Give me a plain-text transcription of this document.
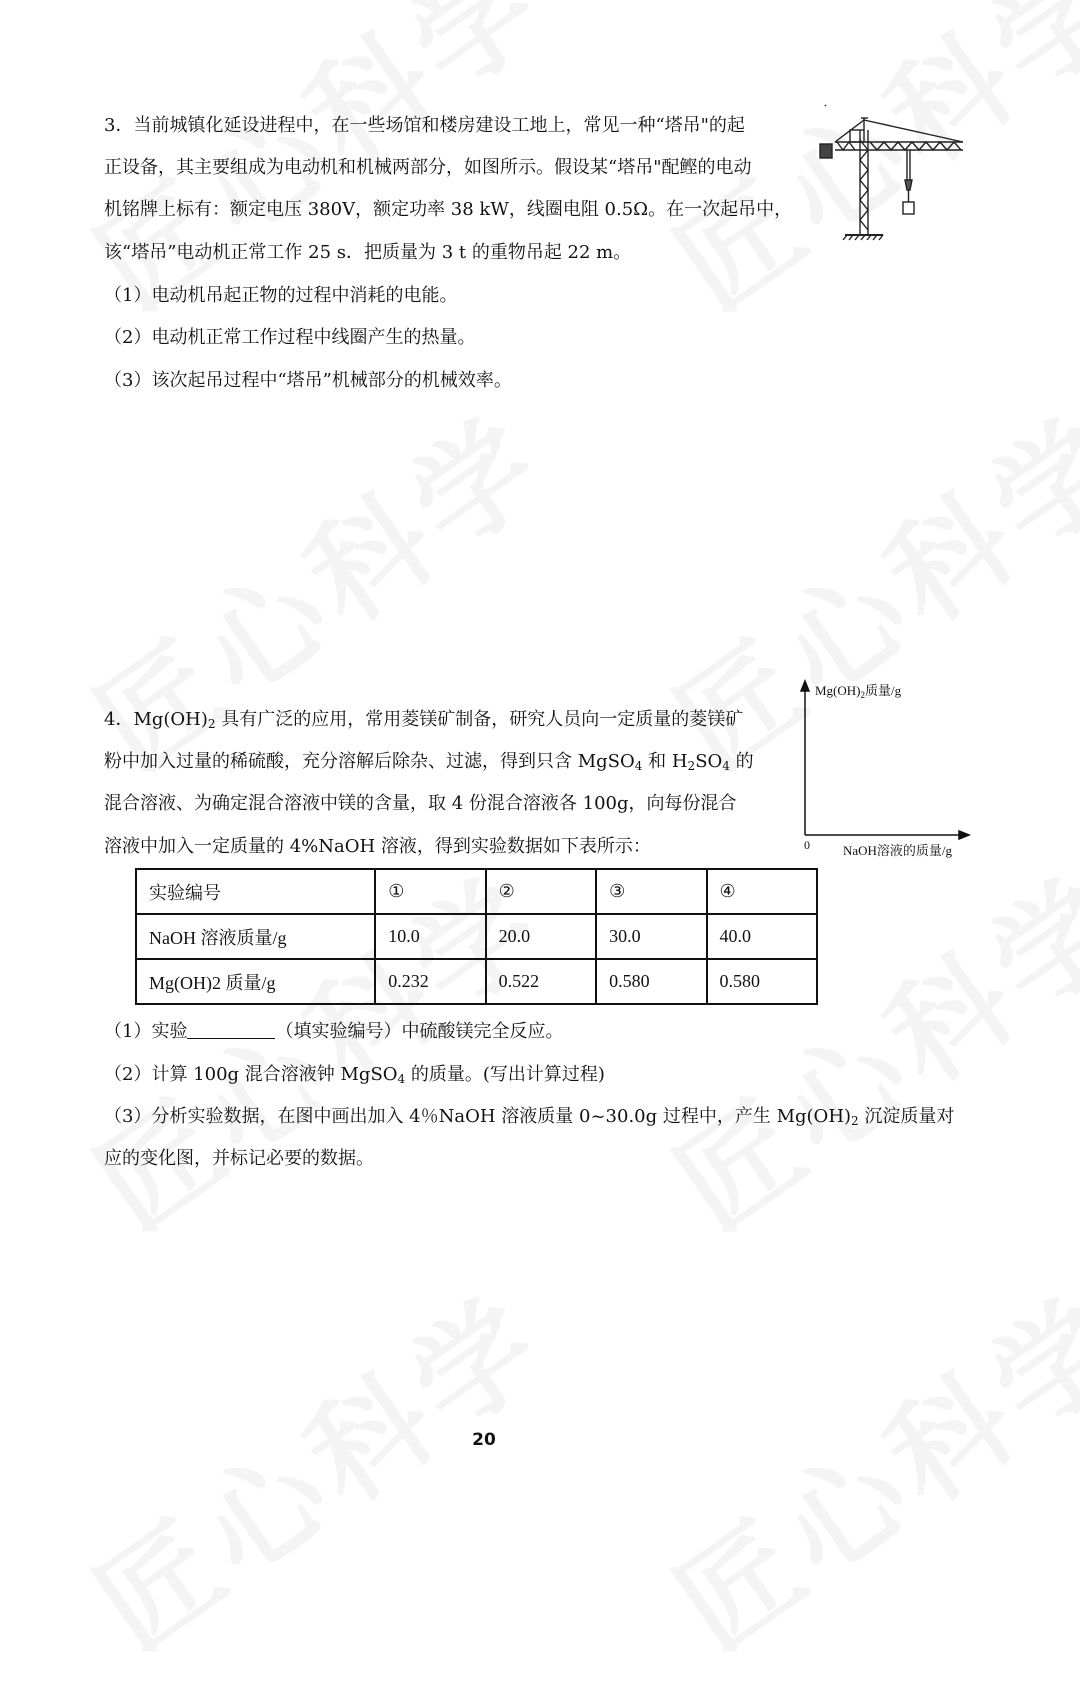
3．当前城镇化延设进程中，在一些场馆和楼房建设工地上，常见一种“塔吊"的起
正设备，其主要组成为电动机和机械两部分，如图所示。假设某“塔吊"配鲣的电动
机铭牌上标有：额定电压 380V，额定功率 38 kW，线圈电阻 0.5Ω。在一次起吊中，
该“塔吊”电动机正常工作 25 s．把质量为 3 t 的重物吊起 22 m。
（1）电动机吊起正物的过程中消耗的电能。
（2）电动机正常工作过程中线圈产生的热量。
（3）该次起吊过程中“塔吊”机械部分的机械效率。
4．$Mg(OH)_2$ 具有广泛的应用，常用菱镁矿制备，研究人员向一定质量的菱镁矿
粉中加入过量的稀硫酸，充分溶解后除杂、过滤，得到只含 MgSO$_4$ 和 $H_2SO_4$ 的
混合溶液、为确定混合溶液中镁的含量，取 4 份混合溶液各 100g，向每份混合
溶液中加入一定质量的 4%NaOH 溶液，得到实验数据如下表所示：
$Mg(OH)_2$质量/g
0	NaOH溶液的质量/g
实验编号	①	②	③	④
NaOH 溶液质量/g	10.0	20.0	30.0	40.0
Mg(OH)2 质量/g	0.232	0.522	0.580	0.580
（1）实验	（填实验编号）中硫酸镁完全反应。
（2）计算 100g 混合溶液钟 MgSO$_4$ 的质量。(写出计算过程)
（3）分析实验数据，在图中画出加入 4％NaOH 溶液质量 0~30.0g 过程中，产生 $Mg(OH)_2$ 沉淀质量对
应的变化图，并标记必要的数据。
20
